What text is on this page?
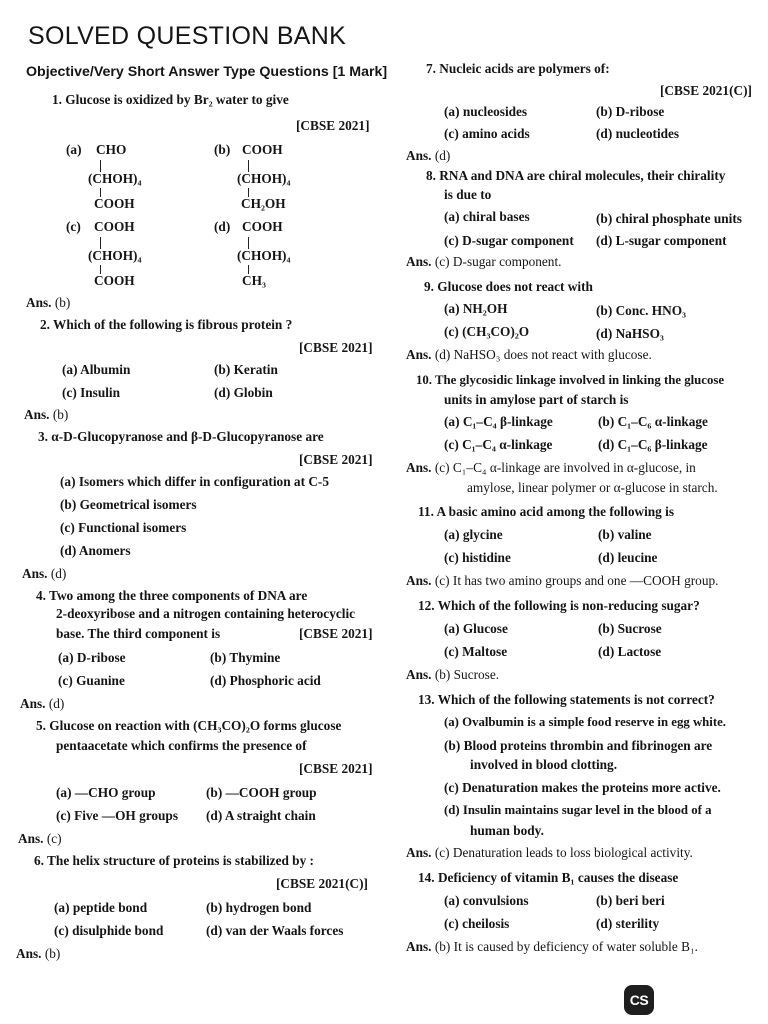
SOLVED QUESTION BANK
Objective/Very Short Answer Type Questions [1 Mark]
1. Glucose is oxidized by Br₂ water to give
[CBSE 2021]
(a) CHO
(CHOH)₄
COOH
(b) COOH
(CHOH)₄
CH₂OH
(c) COOH
(CHOH)₄
COOH
(d) COOH
(CHOH)₄
CH₃
Ans. (b)
2. Which of the following is fibrous protein ?
[CBSE 2021]
(a) Albumin	(b) Keratin
(c) Insulin	(d) Globin
Ans. (b)
3. α-D-Glucopyranose and β-D-Glucopyranose are
[CBSE 2021]
(a) Isomers which differ in configuration at C-5
(b) Geometrical isomers
(c) Functional isomers
(d) Anomers
Ans. (d)
4. Two among the three components of DNA are
2-deoxyribose and a nitrogen containing heterocyclic
base. The third component is	[CBSE 2021]
(a) D-ribose	(b) Thymine
(c) Guanine	(d) Phosphoric acid
Ans. (d)
5. Glucose on reaction with (CH₃CO)₂O forms glucose
pentaacetate which confirms the presence of
[CBSE 2021]
(a) —CHO group	(b) —COOH group
(c) Five —OH groups (d) A straight chain
Ans. (c)
6. The helix structure of proteins is stabilized by :
[CBSE 2021(C)]
(a) peptide bond	(b) hydrogen bond
(c) disulphide bond	(d) van der Waals forces
Ans. (b)
7. Nucleic acids are polymers of:
[CBSE 2021(C)]
(a) nucleosides	(b) D-ribose
(c) amino acids	(d) nucleotides
Ans. (d)
8. RNA and DNA are chiral molecules, their chirality
is due to
(a) chiral bases	(b) chiral phosphate units
(c) D-sugar component (d) L-sugar component
Ans. (c) D-sugar component.
9. Glucose does not react with
(a) NH₂OH	(b) Conc. HNO₃
(c) (CH₃CO)₂O	(d) NaHSO₃
Ans. (d) NaHSO₃ does not react with glucose.
10. The glycosidic linkage involved in linking the glucose
units in amylose part of starch is
(a) C₁–C₄ β-linkage	(b) C₁–C₆ α-linkage
(c) C₁–C₄ α-linkage	(d) C₁–C₆ β-linkage
Ans. (c) C₁–C₄ α-linkage are involved in α-glucose, in
amylose, linear polymer or α-glucose in starch.
11. A basic amino acid among the following is
(a) glycine	(b) valine
(c) histidine	(d) leucine
Ans. (c) It has two amino groups and one —COOH group.
12. Which of the following is non-reducing sugar?
(a) Glucose	(b) Sucrose
(c) Maltose	(d) Lactose
Ans. (b) Sucrose.
13. Which of the following statements is not correct?
(a) Ovalbumin is a simple food reserve in egg white.
(b) Blood proteins thrombin and fibrinogen are
involved in blood clotting.
(c) Denaturation makes the proteins more active.
(d) Insulin maintains sugar level in the blood of a
human body.
Ans. (c) Denaturation leads to loss biological activity.
14. Deficiency of vitamin B₁ causes the disease
(a) convulsions	(b) beri beri
(c) cheilosis	(d) sterility
Ans. (b) It is caused by deficiency of water soluble B₁.
CS
